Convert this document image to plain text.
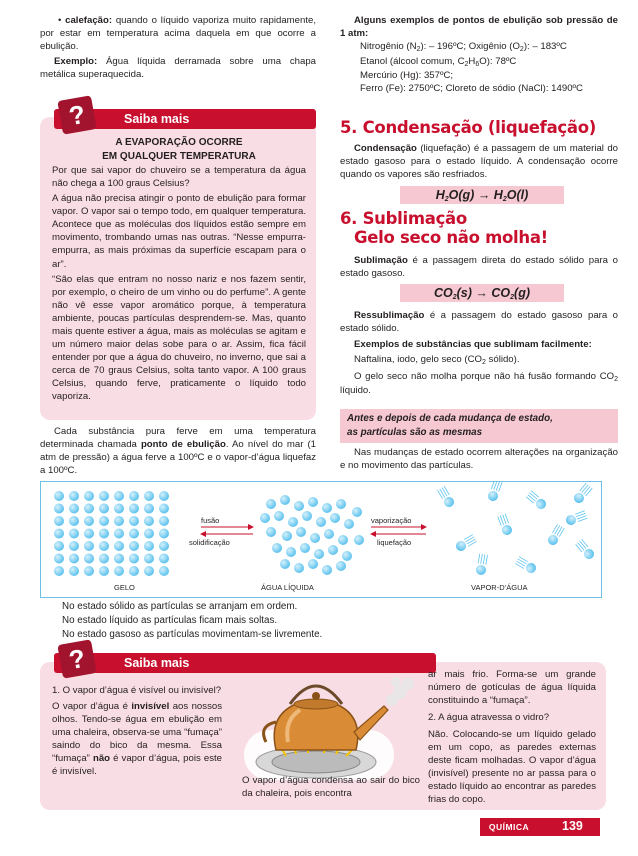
• calefação: quando o líquido vaporiza muito rapidamente, por estar em temperatura acima daquela em que ocorre a ebulição.

Exemplo: Água líquida derramada sobre uma chapa metálica superaquecida.

Saiba mais
?

A EVAPORAÇÃO OCORRE

EM QUALQUER TEMPERATURA

Por que sai vapor do chuveiro se a temperatura da água não chega a 100 graus Celsius?

A água não precisa atingir o ponto de ebulição para formar vapor. O vapor sai o tempo todo, em qualquer temperatura. Acontece que as moléculas dos líquidos estão sempre em movimento, trombando umas nas outras. “Nesse empurra-empurra, as mais próximas da superfície escapam para o ar”.

“São elas que entram no nosso nariz e nos fazem sentir, por exemplo, o cheiro de um vinho ou do perfume”. A gente não vê esse vapor aromático porque, à temperatura ambiente, poucas partículas desprendem-se. Mas, quanto mais quente estiver a água, mais as moléculas se agitam e um número maior delas sobe para o ar. Assim, fica fácil entender por que a água do chuveiro, no inverno, que sai a cerca de 70 graus Celsius, solta tanto vapor. A 100 graus Celsius, quando ferve, praticamente o líquido todo vaporiza.

Cada substância pura ferve em uma temperatura determinada chamada ponto de ebulição. Ao nível do mar (1 atm de pressão) a água ferve a 100ºC e o vapor-d’água liquefaz a 100ºC.

Alguns exemplos de pontos de ebulição sob pressão de 1 atm:

Nitrogênio $(N_2)$: – 196ºC; Oxigênio $(O_2)$: – 183ºC

Etanol (álcool comum, $C_2H_6O$): 78ºC

Mercúrio (Hg): 357ºC;

Ferro (Fe): 2750ºC; Cloreto de sódio (NaCl): 1490ºC

5. Condensação (liquefação)
Condensação (liquefação) é a passagem de um material do estado gasoso para o estado líquido. A condensação ocorre quando os vapores são resfriados.
$H_2O(g) \to H_2O(l)$

6. Sublimação

Gelo seco não molha!

Sublimação é a passagem direta do estado sólido para o estado gasoso.
$CO_2(s) \to CO_2(g)$

Ressublimação é a passagem do estado gasoso para o estado sólido.

Exemplos de substâncias que sublimam facilmente:

Naftalina, iodo, gelo seco ($CO_2$ sólido).

O gelo seco não molha porque não há fusão formando $CO_2$ líquido.

Antes e depois de cada mudança de estado,

as partículas são as mesmas

Nas mudanças de estado ocorrem alterações na organização e no movimento das partículas.
fusão
solidificação
vaporização
liquefação
GELO	ÁGUA LÍQUIDA	VAPOR-D’ÁGUA

No estado sólido as partículas se arranjam em ordem.

No estado líquido as partículas ficam mais soltas.

No estado gasoso as partículas movimentam-se livremente.

Saiba mais
?

1. O vapor d’água é visível ou invisível?

O vapor d’água é invisível aos nossos olhos. Tendo-se água em ebulição em uma chaleira, observa-se uma “fumaça” saindo do bico da mesma. Essa “fumaça” não é vapor d’água, pois este é invisível.

O vapor d’água condensa ao sair do bico da chaleira, pois encontra

ar mais frio. Forma-se um grande número de gotículas de água líquida constituindo a “fumaça”.

2. A água atravessa o vidro?

Não. Colocando-se um líquido gelado em um copo, as paredes externas deste ficam molhadas. O vapor d’água (invisível) presente no ar passa para o estado líquido ao encontrar as paredes frias do copo.

QUÍMICA	139
